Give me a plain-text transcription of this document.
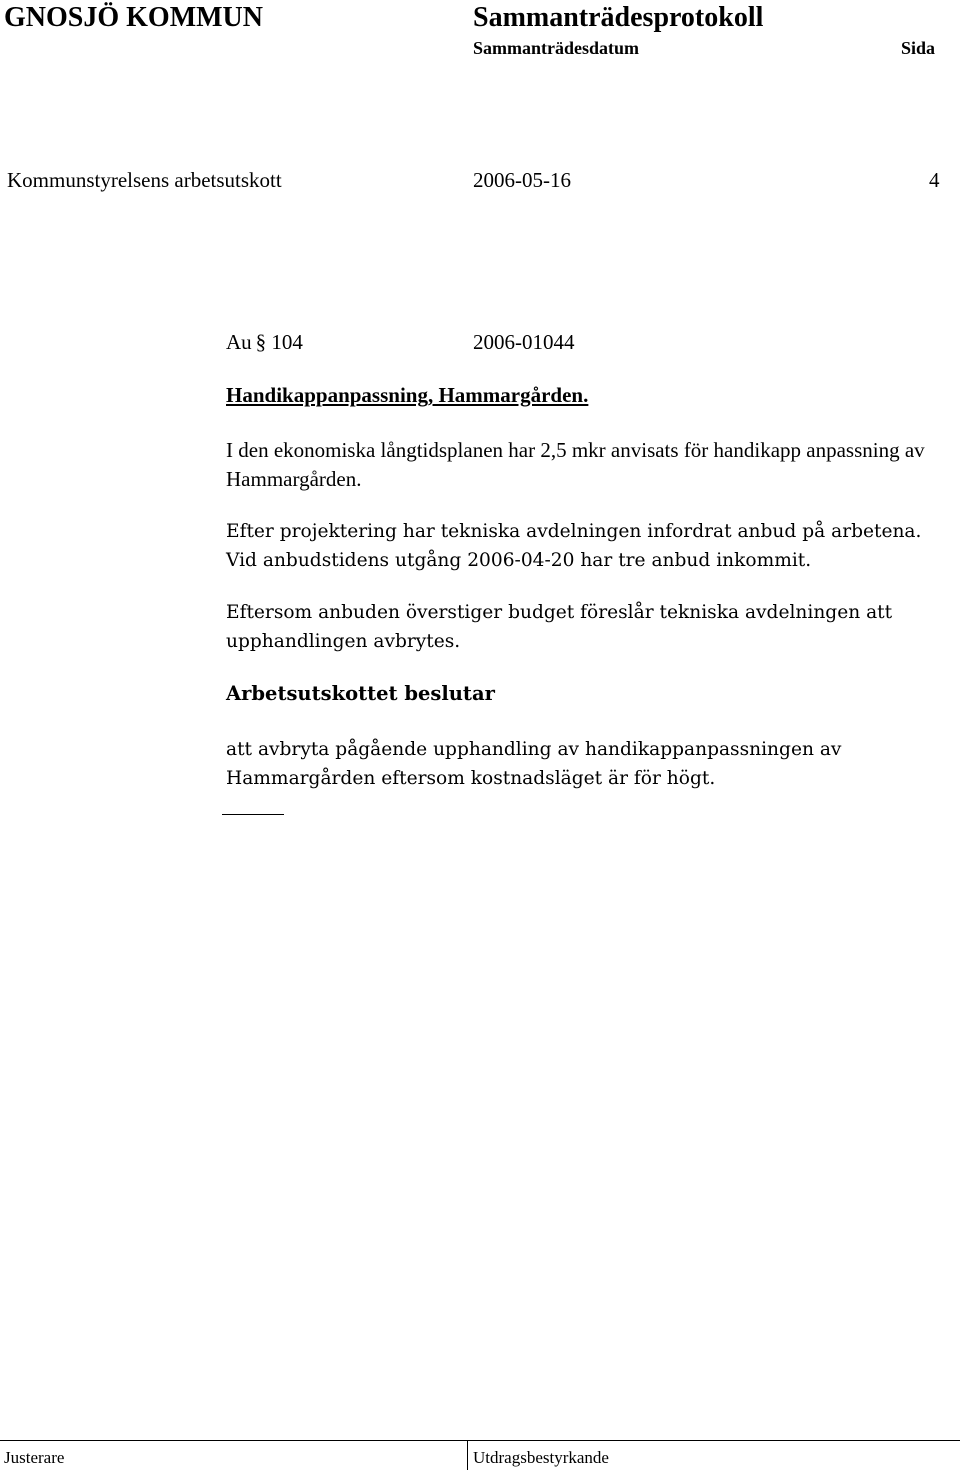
GNOSJÖ KOMMUN	Sammanträdesprotokoll
Sammanträdesdatum	Sida
Kommunstyrelsens arbetsutskott	2006-05-16	4
Au § 104	2006-01044
Handikappanpassning, Hammargården.

I den ekonomiska långtidsplanen har 2,5 mkr anvisats för handikapp anpassning av Hammargården.

Efter projektering har tekniska avdelningen infordrat anbud på arbetena. Vid anbudstidens utgång 2006-04-20 har tre anbud inkommit.

Eftersom anbuden överstiger budget föreslår tekniska avdelningen att upphandlingen avbrytes.

Arbetsutskottet beslutar

att avbryta pågående upphandling av handikappanpassningen av Hammargården eftersom kostnadsläget är för högt.

Justerare	Utdragsbestyrkande
